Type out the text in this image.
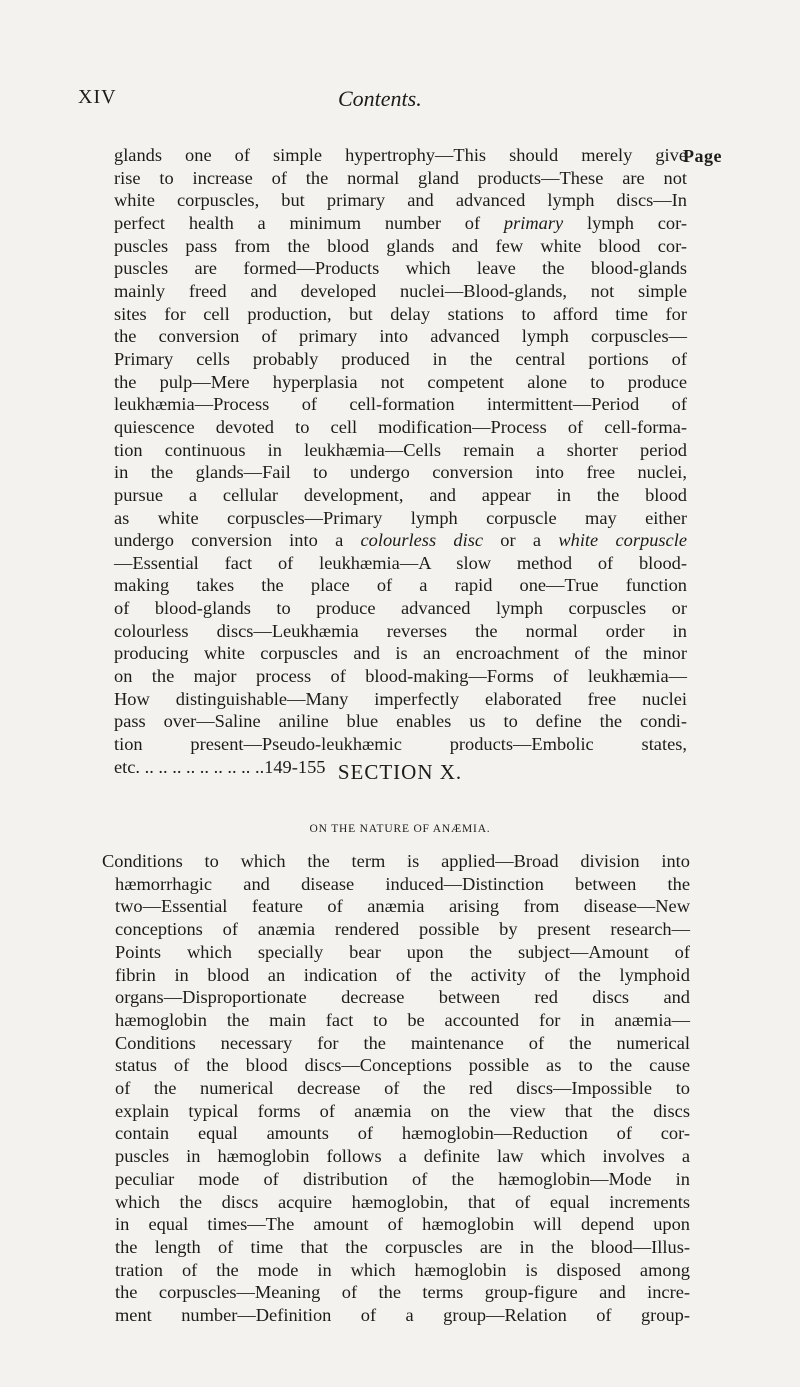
XIV	Contents.
Page
glands one of simple hypertrophy—This should merely give
rise to increase of the normal gland products—These are not
white corpuscles, but primary and advanced lymph discs—In
perfect health a minimum number of primary lymph cor-
puscles pass from the blood glands and few white blood cor-
puscles are formed—Products which leave the blood-glands
mainly freed and developed nuclei—Blood-glands, not simple
sites for cell production, but delay stations to afford time for
the conversion of primary into advanced lymph corpuscles—
Primary cells probably produced in the central portions of
the pulp—Mere hyperplasia not competent alone to produce
leukhæmia—Process of cell-formation intermittent—Period of
quiescence devoted to cell modification—Process of cell-forma-
tion continuous in leukhæmia—Cells remain a shorter period
in the glands—Fail to undergo conversion into free nuclei,
pursue a cellular development, and appear in the blood
as white corpuscles—Primary lymph corpuscle may either
undergo conversion into a colourless disc or a white corpuscle
—Essential fact of leukhæmia—A slow method of blood-
making takes the place of a rapid one—True function
of blood-glands to produce advanced lymph corpuscles or
colourless discs—Leukhæmia reverses the normal order in
producing white corpuscles and is an encroachment of the minor
on the major process of blood-making—Forms of leukhæmia—
How distinguishable—Many imperfectly elaborated free nuclei
pass over—Saline aniline blue enables us to define the condi-
tion present—Pseudo-leukhæmic products—Embolic states,
etc. .. .. .. .. .. .. .. .. ..149-155 SECTION X.
ON THE NATURE OF ANÆMIA.
Conditions to which the term is applied—Broad division into
hæmorrhagic and disease induced—Distinction between the
two—Essential feature of anæmia arising from disease—New
conceptions of anæmia rendered possible by present research—
Points which specially bear upon the subject—Amount of
fibrin in blood an indication of the activity of the lymphoid
organs—Disproportionate decrease between red discs and
hæmoglobin the main fact to be accounted for in anæmia—
Conditions necessary for the maintenance of the numerical
status of the blood discs—Conceptions possible as to the cause
of the numerical decrease of the red discs—Impossible to
explain typical forms of anæmia on the view that the discs
contain equal amounts of hæmoglobin—Reduction of cor-
puscles in hæmoglobin follows a definite law which involves a
peculiar mode of distribution of the hæmoglobin—Mode in
which the discs acquire hæmoglobin, that of equal increments
in equal times—The amount of hæmoglobin will depend upon
the length of time that the corpuscles are in the blood—Illus-
tration of the mode in which hæmoglobin is disposed among
the corpuscles—Meaning of the terms group-figure and incre-
ment number—Definition of a group—Relation of group-
